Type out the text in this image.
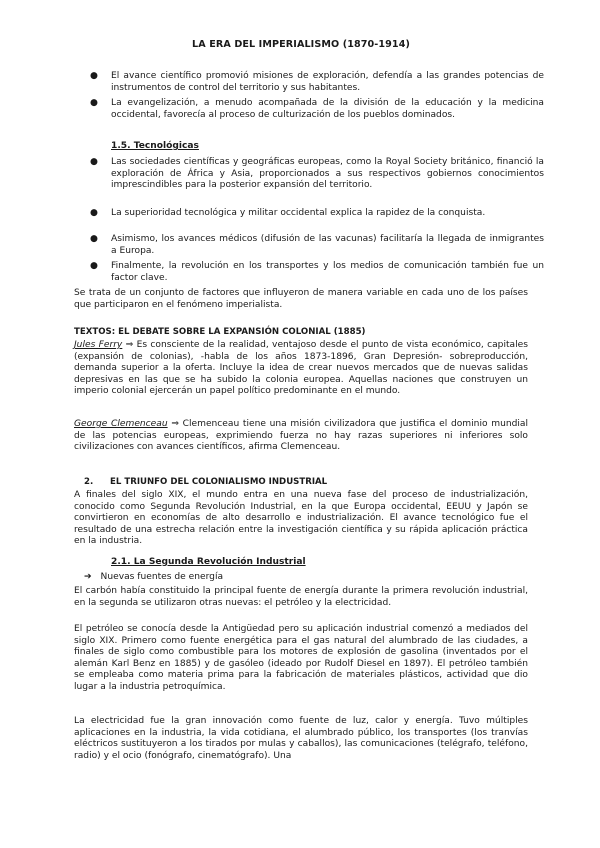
LA ERA DEL IMPERIALISMO (1870-1914)
● El avance científico promovió misiones de exploración, defendía a las grandes potencias de instrumentos de control del territorio y sus habitantes.
● La evangelización, a menudo acompañada de la división de la educación y la medicina occidental, favorecía al proceso de culturización de los pueblos dominados.
1.5. Tecnológicas
● Las sociedades científicas y geográficas europeas, como la Royal Society británico, financió la exploración de África y Asia, proporcionados a sus respectivos gobiernos conocimientos imprescindibles para la posterior expansión del territorio.
● La superioridad tecnológica y militar occidental explica la rapidez de la conquista.
● Asimismo, los avances médicos (difusión de las vacunas) facilitaría la llegada de inmigrantes a Europa.
● Finalmente, la revolución en los transportes y los medios de comunicación también fue un factor clave.
Se trata de un conjunto de factores que influyeron de manera variable en cada uno de los países que participaron en el fenómeno imperialista.
TEXTOS: EL DEBATE SOBRE LA EXPANSIÓN COLONIAL (1885)
Jules Ferry ⇒ Es consciente de la realidad, ventajoso desde el punto de vista económico, capitales (expansión de colonias), -habla de los años 1873-1896, Gran Depresión- sobreproducción, demanda superior a la oferta. Incluye la idea de crear nuevos mercados que de nuevas salidas depresivas en las que se ha subido la colonia europea. Aquellas naciones que construyen un imperio colonial ejercerán un papel político predominante en el mundo.
George Clemenceau ⇒ Clemenceau tiene una misión civilizadora que justifica el dominio mundial de las potencias europeas, exprimiendo fuerza no hay razas superiores ni inferiores solo civilizaciones con avances científicos, afirma Clemenceau.
2. EL TRIUNFO DEL COLONIALISMO INDUSTRIAL
A finales del siglo XIX, el mundo entra en una nueva fase del proceso de industrialización, conocido como Segunda Revolución Industrial, en la que Europa occidental, EEUU y Japón se convirtieron en economías de alto desarrollo e industrialización. El avance tecnológico fue el resultado de una estrecha relación entre la investigación científica y su rápida aplicación práctica en la industria.
2.1. La Segunda Revolución Industrial
➔ Nuevas fuentes de energía
El carbón había constituido la principal fuente de energía durante la primera revolución industrial, en la segunda se utilizaron otras nuevas: el petróleo y la electricidad.
El petróleo se conocía desde la Antigüedad pero su aplicación industrial comenzó a mediados del siglo XIX. Primero como fuente energética para el gas natural del alumbrado de las ciudades, a finales de siglo como combustible para los motores de explosión de gasolina (inventados por el alemán Karl Benz en 1885) y de gasóleo (ideado por Rudolf Diesel en 1897). El petróleo también se empleaba como materia prima para la fabricación de materiales plásticos, actividad que dio lugar a la industria petroquímica.
La electricidad fue la gran innovación como fuente de luz, calor y energía. Tuvo múltiples aplicaciones en la industria, la vida cotidiana, el alumbrado público, los transportes (los tranvías eléctricos sustituyeron a los tirados por mulas y caballos), las comunicaciones (telégrafo, teléfono, radio) y el ocio (fonógrafo, cinematógrafo). Una
